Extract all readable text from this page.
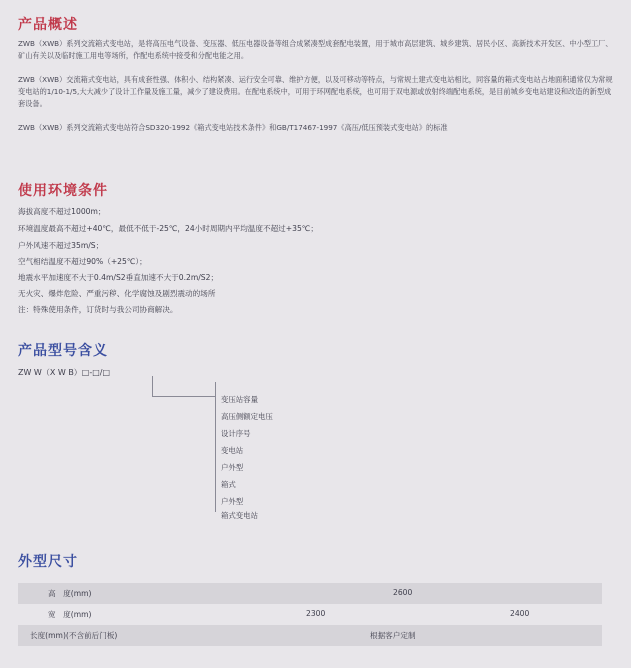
产品概述
ZWB（XWB）系列交流箱式变电站，是将高压电气设备、变压器、低压电器设备等组合成紧凑型成套配电装置，用于城市高层建筑、城乡建筑、居民小区、高新技术开发区、中小型工厂、矿山有关以及临时施工用电等场所，作配电系统中接受和分配电能之用。
ZWB（XWB）交流箱式变电站，具有成套性强、体积小、结构紧凑、运行安全可靠、维护方便，以及可移动等特点，与常规土建式变电站相比，同容量的箱式变电站占地面积通常仅为常规变电站的1/10-1/5,大大减少了设计工作量及施工量，减少了建设费用。在配电系统中，可用于环网配电系统，也可用于双电源或放射终端配电系统，是目前城乡变电站建设和改造的新型成套设备。
ZWB（XWB）系列交流箱式变电站符合SD320-1992《箱式变电站技术条件》和GB/T17467-1997《高压/低压预装式变电站》的标准
使用环境条件
海拔高度不超过1000m；
环境温度最高不超过+40℃，最低不低于-25℃，24小时周期内平均温度不超过+35℃；
户外风速不超过35m/S；
空气相结温度不超过90%（+25℃）；
地震水平加速度不大于0.4m/S2垂直加速不大于0.2m/S2；
无火灾、爆炸危险、严重污秽、化学腐蚀及剧烈震动的场所
注：特殊使用条件，订货时与我公司协商解决。
产品型号含义
ZW W（X W B）□-□/□
变压站容量
高压侧额定电压
设计序号
变电站
户外型
箱式
户外型
箱式变电站
外型尺寸
高　度(mm)	2600
宽　度(mm)	2300	2400
长度(mm)(不含前后门板)	根据客户定制
